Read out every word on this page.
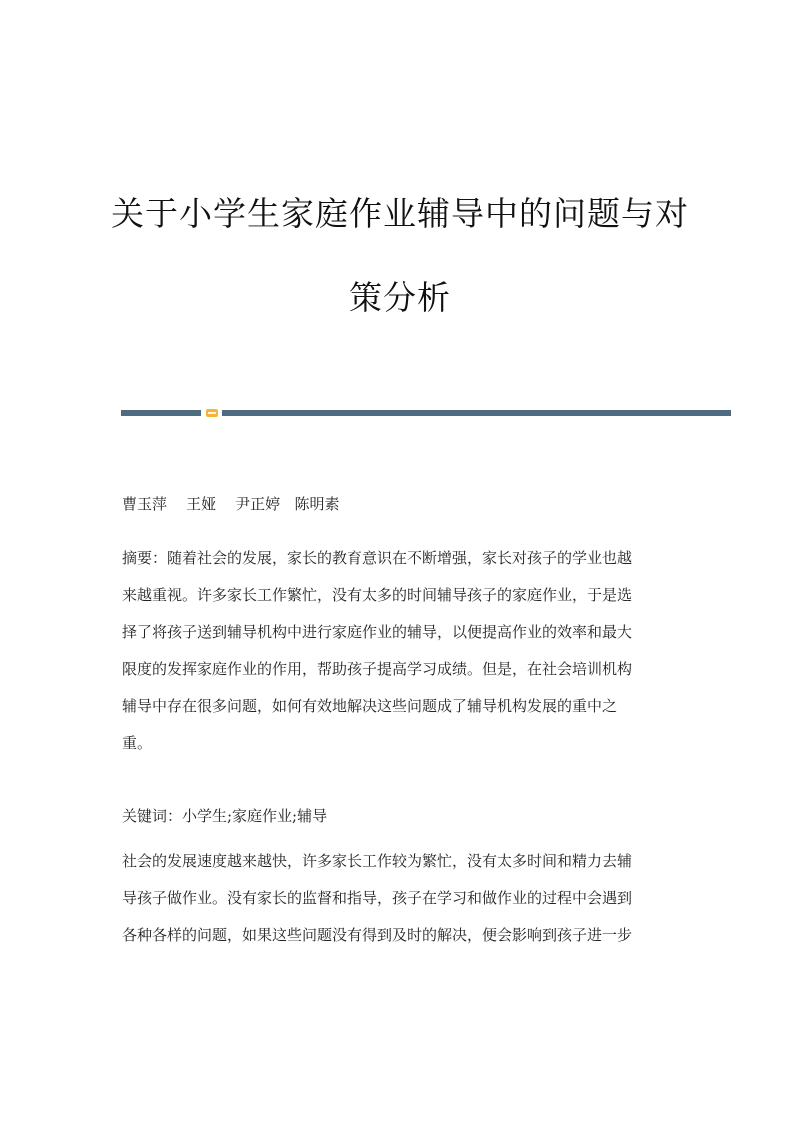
关于小学生家庭作业辅导中的问题与对
策分析
曹玉萍    王娅    尹正婷   陈明素
摘要：随着社会的发展，家长的教育意识在不断增强，家长对孩子的学业也越
来越重视。许多家长工作繁忙，没有太多的时间辅导孩子的家庭作业，于是选
择了将孩子送到辅导机构中进行家庭作业的辅导，以便提高作业的效率和最大
限度的发挥家庭作业的作用，帮助孩子提高学习成绩。但是，在社会培训机构
辅导中存在很多问题，如何有效地解决这些问题成了辅导机构发展的重中之
重。
关键词：小学生;家庭作业;辅导
社会的发展速度越来越快，许多家长工作较为繁忙，没有太多时间和精力去辅
导孩子做作业。没有家长的监督和指导，孩子在学习和做作业的过程中会遇到
各种各样的问题，如果这些问题没有得到及时的解决，便会影响到孩子进一步
